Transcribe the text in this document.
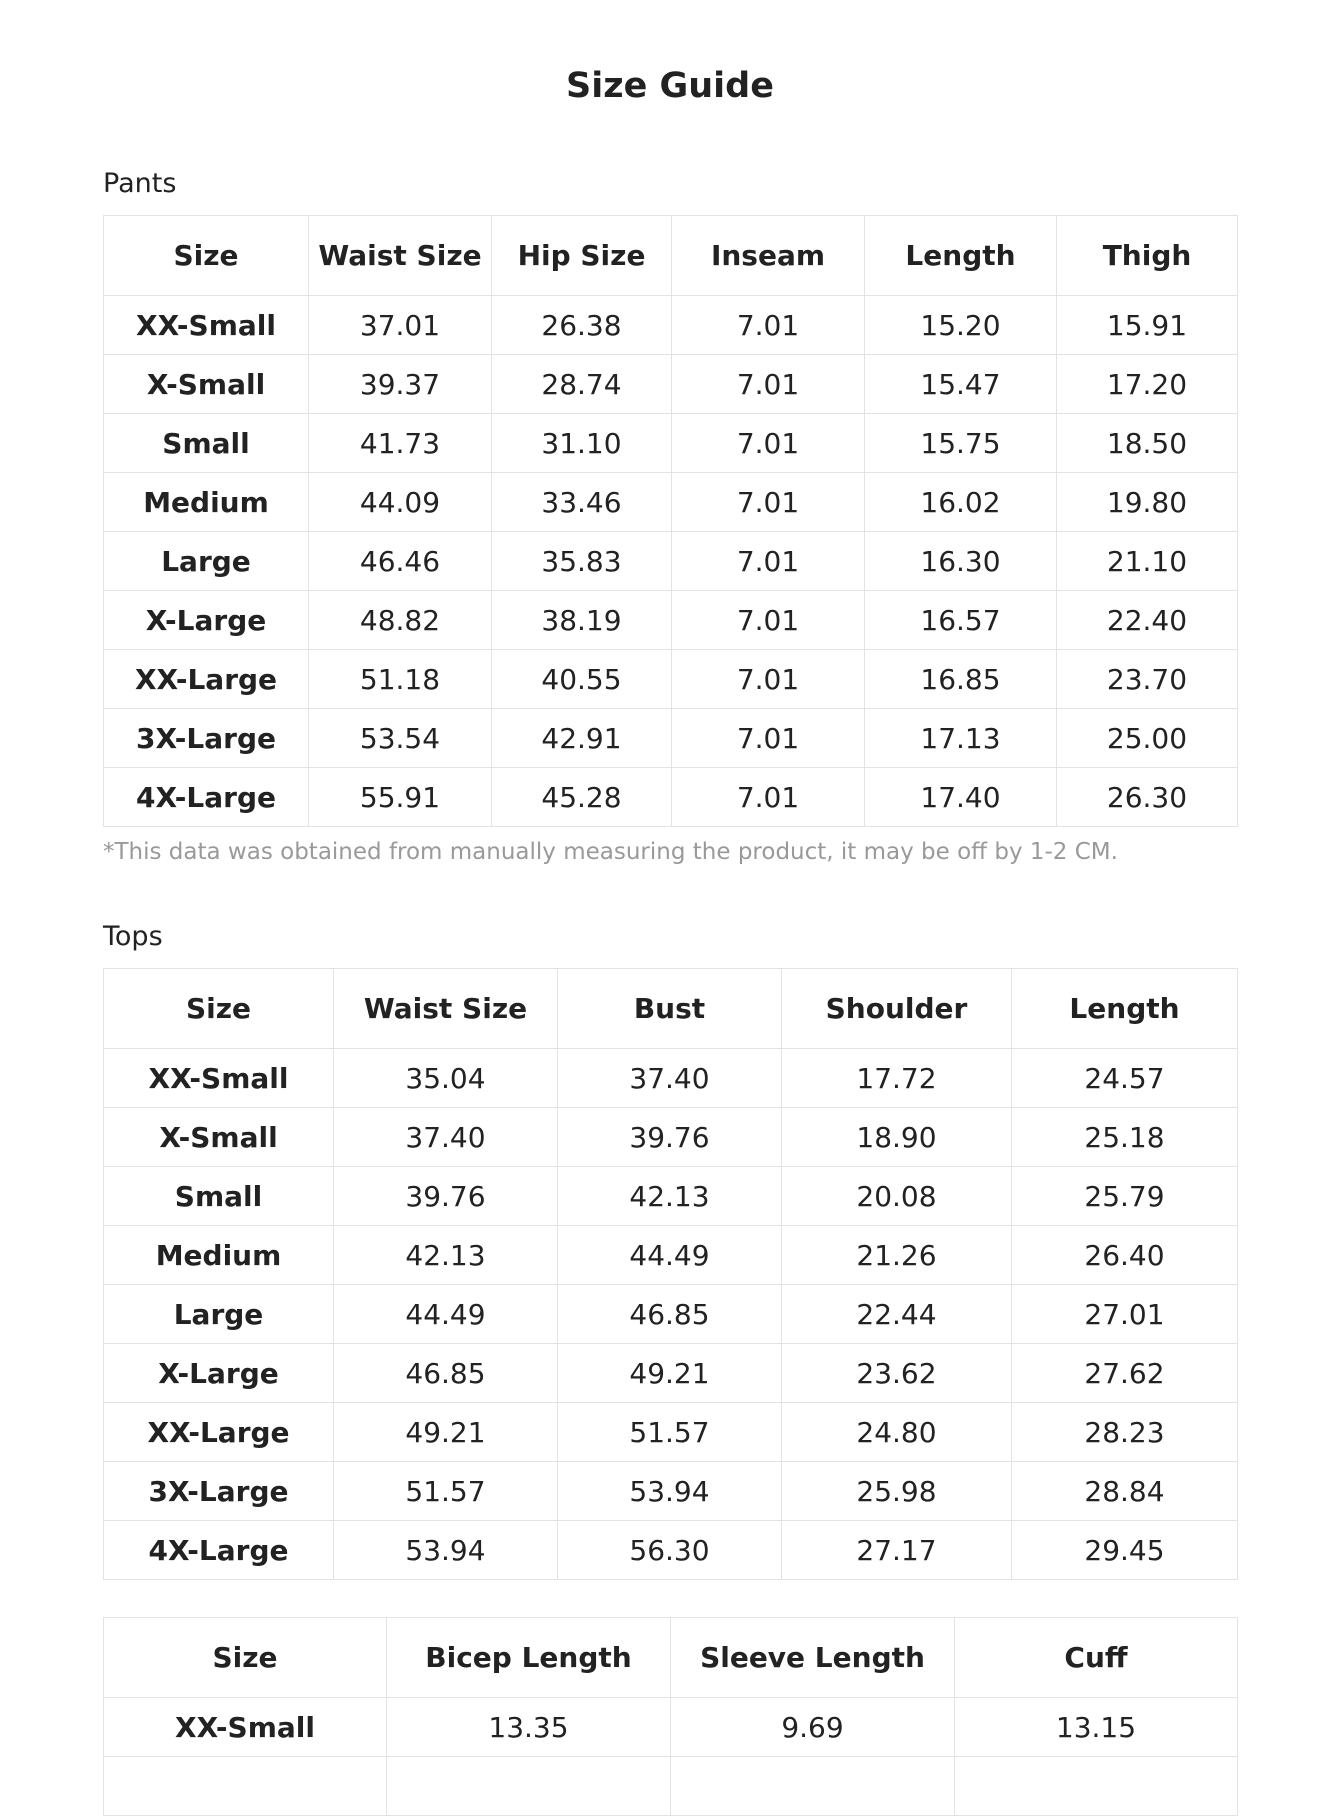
Size Guide

Pants

Size	Waist Size	Hip Size	Inseam	Length	Thigh
XX-Small	37.01	26.38	7.01	15.20	15.91
X-Small	39.37	28.74	7.01	15.47	17.20
Small	41.73	31.10	7.01	15.75	18.50
Medium	44.09	33.46	7.01	16.02	19.80
Large	46.46	35.83	7.01	16.30	21.10
X-Large	48.82	38.19	7.01	16.57	22.40
XX-Large	51.18	40.55	7.01	16.85	23.70
3X-Large	53.54	42.91	7.01	17.13	25.00
4X-Large	55.91	45.28	7.01	17.40	26.30

*This data was obtained from manually measuring the product, it may be off by 1-2 CM.

Tops

Size	Waist Size	Bust	Shoulder	Length
XX-Small	35.04	37.40	17.72	24.57
X-Small	37.40	39.76	18.90	25.18
Small	39.76	42.13	20.08	25.79
Medium	42.13	44.49	21.26	26.40
Large	44.49	46.85	22.44	27.01
X-Large	46.85	49.21	23.62	27.62
XX-Large	49.21	51.57	24.80	28.23
3X-Large	51.57	53.94	25.98	28.84
4X-Large	53.94	56.30	27.17	29.45
Size	Bicep Length	Sleeve Length	Cuff
XX-Small	13.35	9.69	13.15
